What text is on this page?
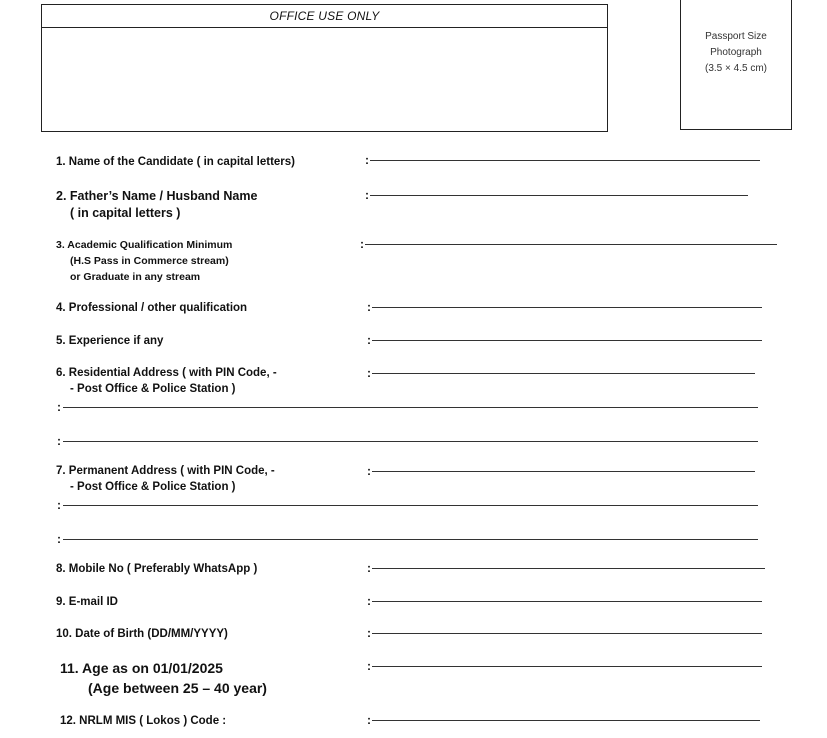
OFFICE USE ONLY
Passport Size
Photograph
(3.5 × 4.5 cm)
1. Name of the Candidate ( in capital letters)	:
2. Father’s Name / Husband Name
( in capital letters )
:
3. Academic Qualification Minimum
(H.S Pass in Commerce stream)
or Graduate in any stream
:
4. Professional / other qualification	:
5. Experience if any	:
6. Residential Address ( with PIN Code, -
- Post Office & Police Station )
:
:
:
7. Permanent Address ( with PIN Code, -
- Post Office & Police Station )
:
:
:
8. Mobile No ( Preferably WhatsApp )	:
9. E-mail ID	:
10. Date of Birth (DD/MM/YYYY)	:
11. Age as on 01/01/2025
(Age between 25 – 40 year)
:
12. NRLM MIS ( Lokos ) Code :	:
